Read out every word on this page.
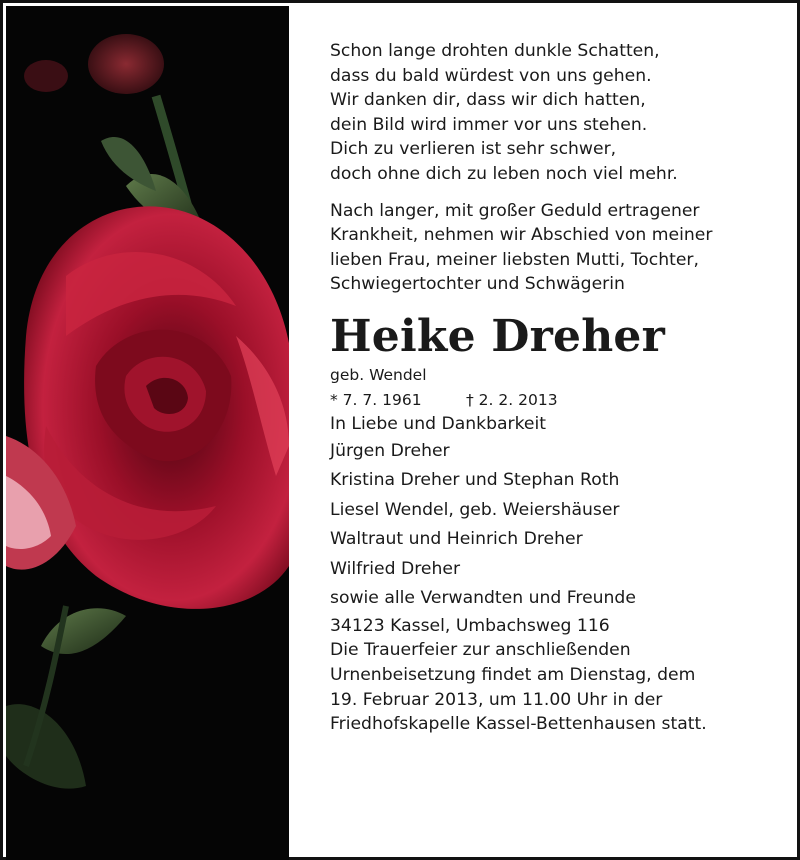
Schon lange drohten dunkle Schatten,

dass du bald würdest von uns gehen.

Wir danken dir, dass wir dich hatten,

dein Bild wird immer vor uns stehen.

Dich zu verlieren ist sehr schwer,

doch ohne dich zu leben noch viel mehr.

Nach langer, mit großer Geduld ertragener

Krankheit, nehmen wir Abschied von meiner

lieben Frau, meiner liebsten Mutti, Tochter,

Schwiegertochter und Schwägerin

Heike Dreher

geb. Wendel

* 7. 7. 1961	† 2. 2. 2013

In Liebe und Dankbarkeit

Jürgen Dreher

Kristina Dreher und Stephan Roth

Liesel Wendel, geb. Weiershäuser

Waltraut und Heinrich Dreher

Wilfried Dreher

sowie alle Verwandten und Freunde

34123 Kassel, Umbachsweg 116

Die Trauerfeier zur anschließenden

Urnenbeisetzung findet am Dienstag, dem

19. Februar 2013, um 11.00 Uhr in der

Friedhofskapelle Kassel-Bettenhausen statt.
